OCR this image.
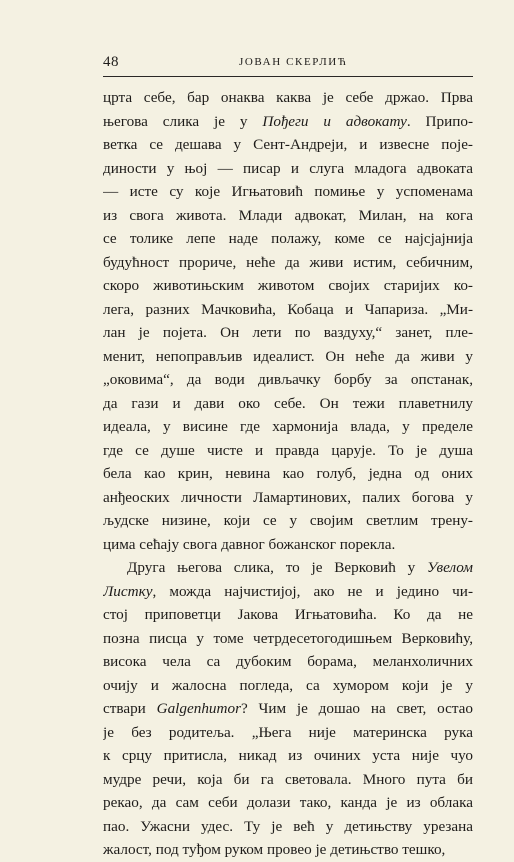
48	ЈОВАН СКЕРЛИЋ
црта себе, бар онаква каква је себе држао. Прва
његова слика је у Пођеги и адвокату. Припо-
ветка се дешава у Сент-Андреји, и извесне поје-
диности у њој — писар и слуга младога адвоката
— исте су које Игњатовић помиње у успоменама
из свога живота. Млади адвокат, Милан, на кога
се толике лепе наде полажу, коме се најсјајнија
будућност прориче, неће да живи истим, себичним,
скоро животињским животом својих старијих ко-
лега, разних Мачковића, Кобаца и Чапариза. „Ми-
лан је појета. Он лети по ваздуху,“ занет, пле-
менит, непоправљив идеалист. Он неће да живи у
„оковима“, да води дивљачку борбу за опстанак,
да гази и дави око себе. Он тежи плаветнилу
идеала, у висине где хармонија влада, у пределе
где се душе чисте и правда царује. То је душа
бела као крин, невина као голуб, једна од оних
анђеоских личности Ламартинових, палих богова у
људске низине, који се у својим светлим трену-
цима сећају свога давног божанског порекла.
Друга његова слика, то је Верковић у Увелом
Листку, можда најчистијој, ако не и једино чи-
стој приповетци Јакова Игњатовића. Ко да не
позна писца у томе четрдесетогодишњем Верковићу,
висока чела са дубоким борама, меланхоличних
очију и жалосна погледа, са хумором који је у
ствари Galgenhumor? Чим је дошао на свет, остао
је без родитеља. „Њега није материнска рука
к срцу притисла, никад из очиних уста није чуо
мудре речи, која би га световала. Много пута би
рекао, да сам себи долази тако, канда је из облака
пао. Ужасни удес. Ту је већ у детињству урезана
жалост, под туђом руком провео је детињство тешко,
